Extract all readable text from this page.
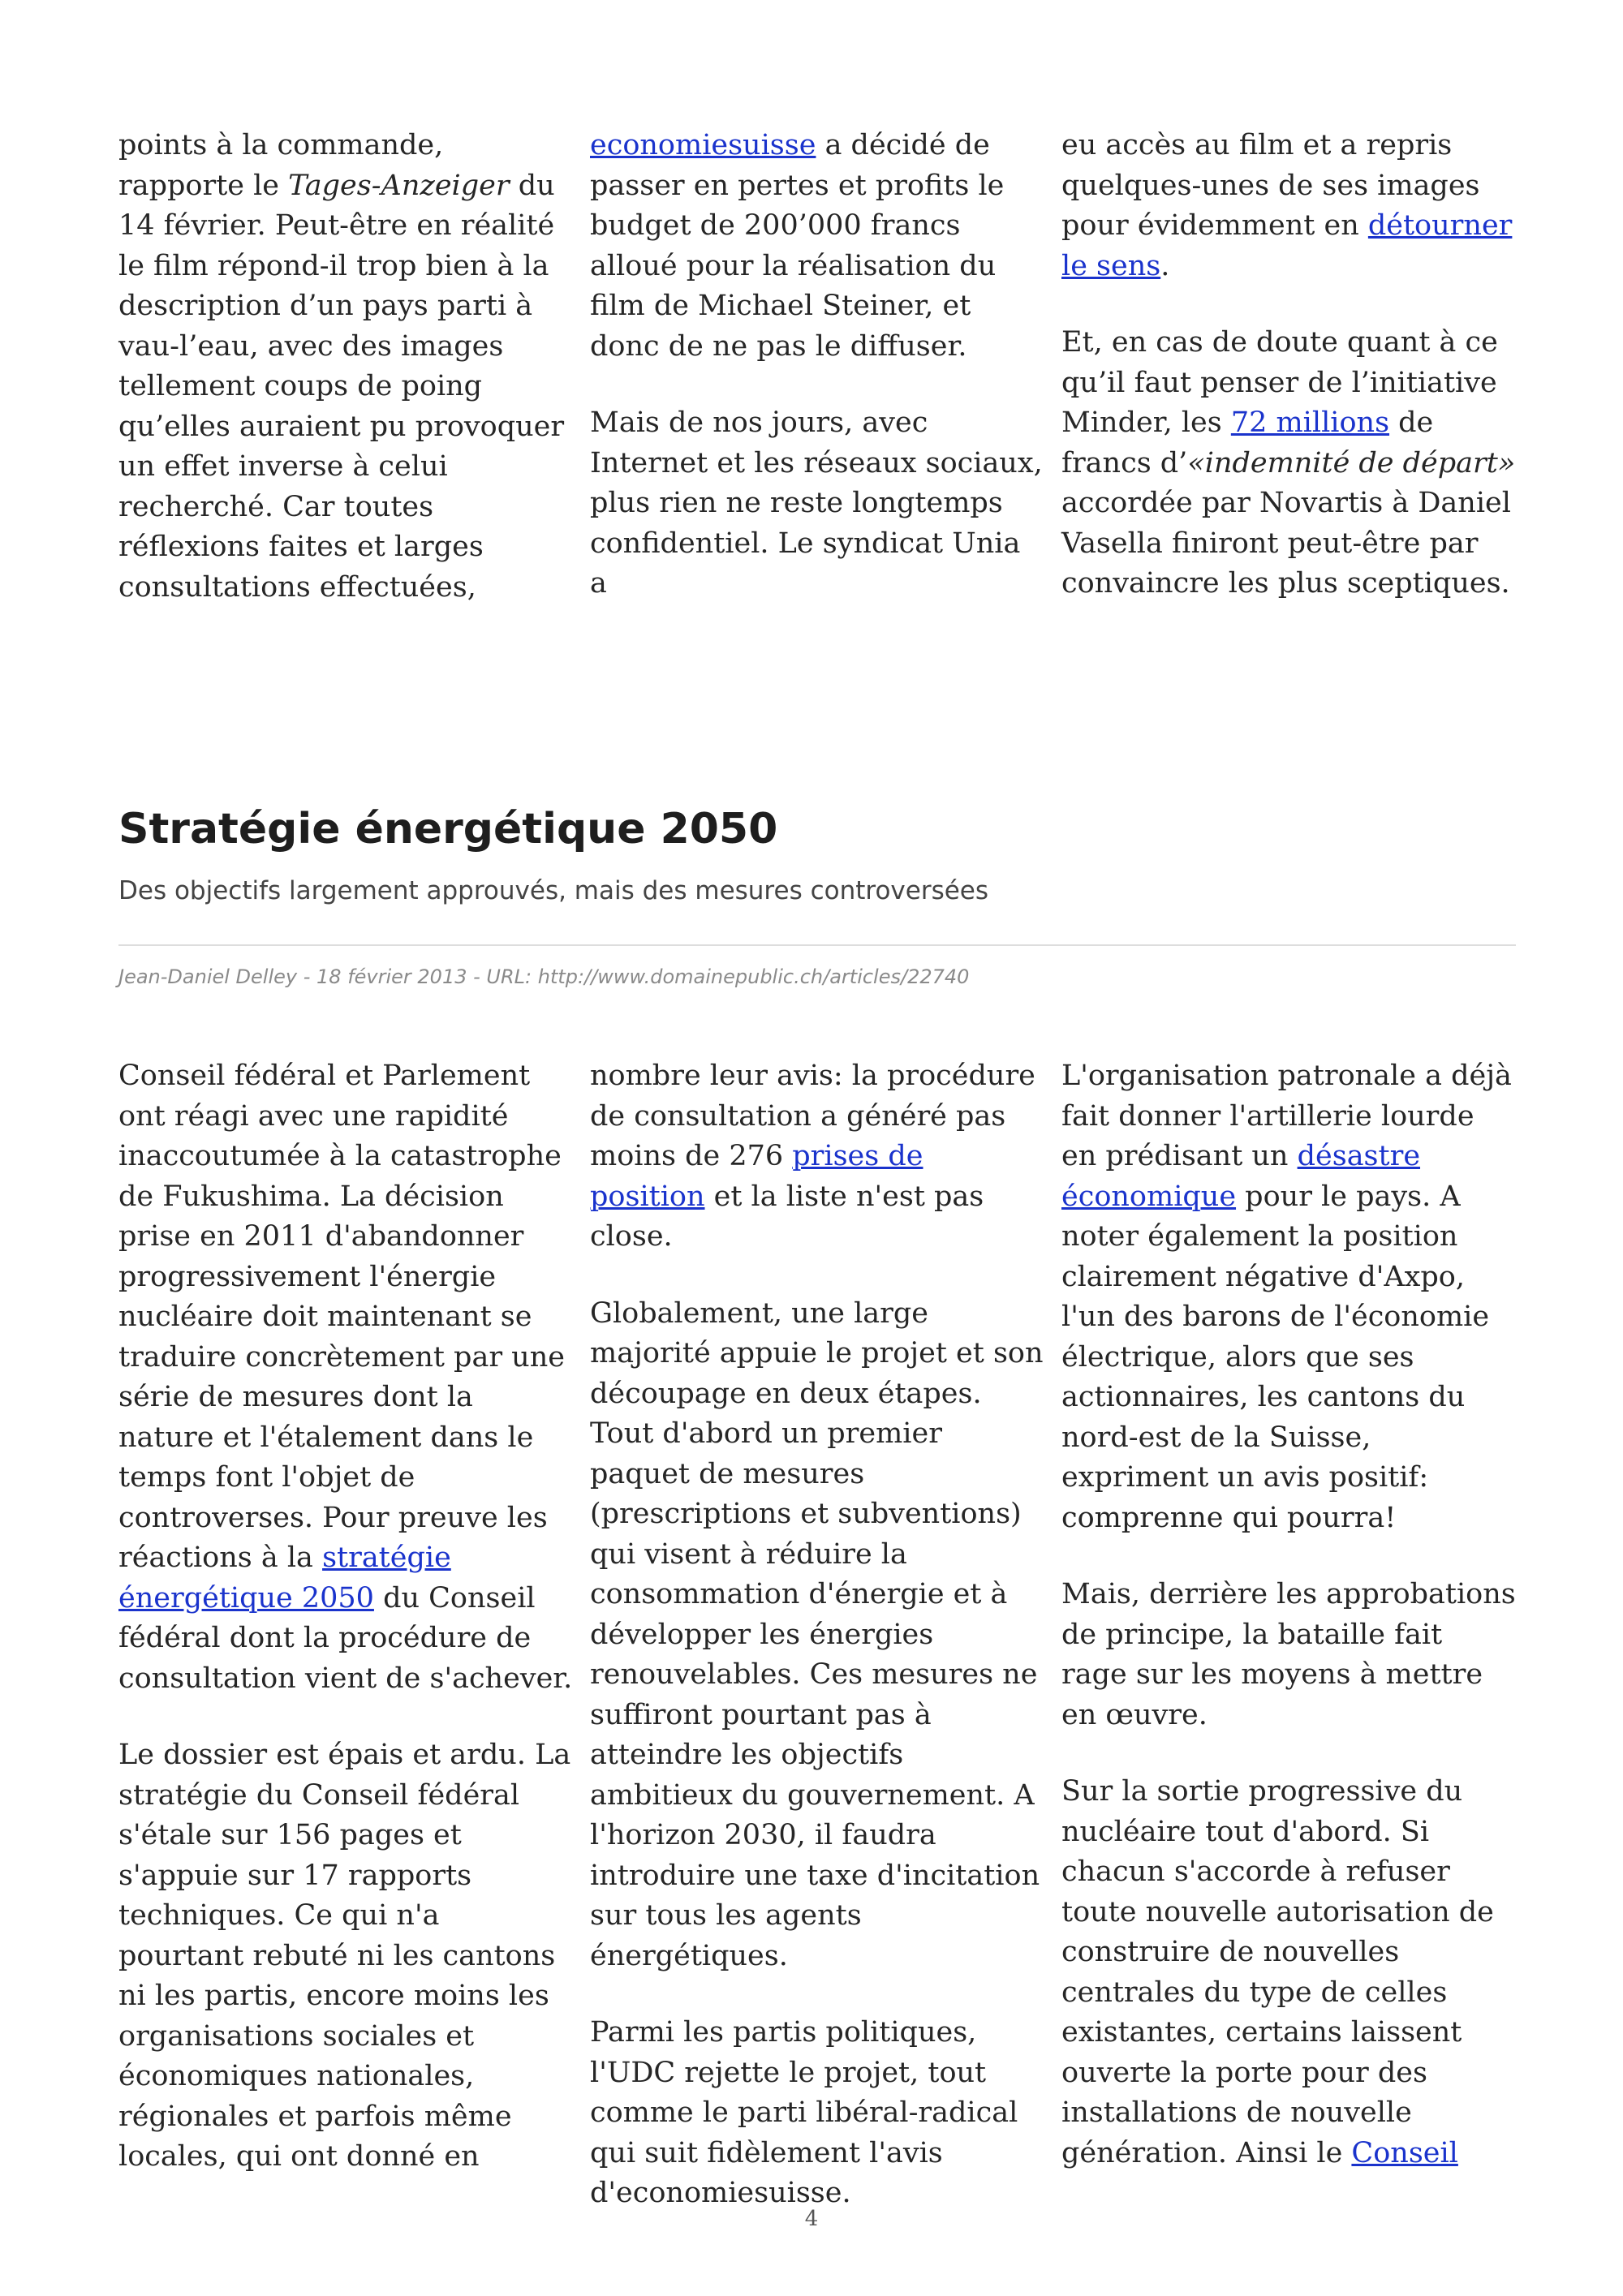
points à la commande, rapporte le Tages-Anzeiger du 14 février. Peut-être en réalité le film répond-il trop bien à la description d’un pays parti à vau-l’eau, avec des images tellement coups de poing qu’elles auraient pu provoquer un effet inverse à celui recherché. Car toutes réflexions faites et larges consultations effectuées,

economiesuisse a décidé de passer en pertes et profits le budget de 200’000 francs alloué pour la réalisation du film de Michael Steiner, et donc de ne pas le diffuser.

Mais de nos jours, avec Internet et les réseaux sociaux, plus rien ne reste longtemps confidentiel. Le syndicat Unia a

eu accès au film et a repris quelques-unes de ses images pour évidemment en détourner le sens.

Et, en cas de doute quant à ce qu’il faut penser de l’initiative Minder, les 72 millions de francs d’«indemnité de départ» accordée par Novartis à Daniel Vasella finiront peut-être par convaincre les plus sceptiques.

Stratégie énergétique 2050
Des objectifs largement approuvés, mais des mesures controversées
Jean-Daniel Delley - 18 février 2013 - URL: http://www.domainepublic.ch/articles/22740

Conseil fédéral et Parlement ont réagi avec une rapidité inaccoutumée à la catastrophe de Fukushima. La décision prise en 2011 d'abandonner progressivement l'énergie nucléaire doit maintenant se traduire concrètement par une série de mesures dont la nature et l'étalement dans le temps font l'objet de controverses. Pour preuve les réactions à la stratégie énergétique 2050 du Conseil fédéral dont la procédure de consultation vient de s'achever.

Le dossier est épais et ardu. La stratégie du Conseil fédéral s'étale sur 156 pages et s'appuie sur 17 rapports techniques. Ce qui n'a pourtant rebuté ni les cantons ni les partis, encore moins les organisations sociales et économiques nationales, régionales et parfois même locales, qui ont donné en

nombre leur avis: la procédure de consultation a généré pas moins de 276 prises de position et la liste n'est pas close.

Globalement, une large majorité appuie le projet et son découpage en deux étapes. Tout d'abord un premier paquet de mesures (prescriptions et subventions) qui visent à réduire la consommation d'énergie et à développer les énergies renouvelables. Ces mesures ne suffiront pourtant pas à atteindre les objectifs ambitieux du gouvernement. A l'horizon 2030, il faudra introduire une taxe d'incitation sur tous les agents énergétiques.

Parmi les partis politiques, l'UDC rejette le projet, tout comme le parti libéral-radical qui suit fidèlement l'avis d'economiesuisse.

L'organisation patronale a déjà fait donner l'artillerie lourde en prédisant un désastre économique pour le pays. A noter également la position clairement négative d'Axpo, l'un des barons de l'économie électrique, alors que ses actionnaires, les cantons du nord-est de la Suisse, expriment un avis positif: comprenne qui pourra!

Mais, derrière les approbations de principe, la bataille fait rage sur les moyens à mettre en œuvre.

Sur la sortie progressive du nucléaire tout d'abord. Si chacun s'accorde à refuser toute nouvelle autorisation de construire de nouvelles centrales du type de celles existantes, certains laissent ouverte la porte pour des installations de nouvelle génération. Ainsi le Conseil

4
